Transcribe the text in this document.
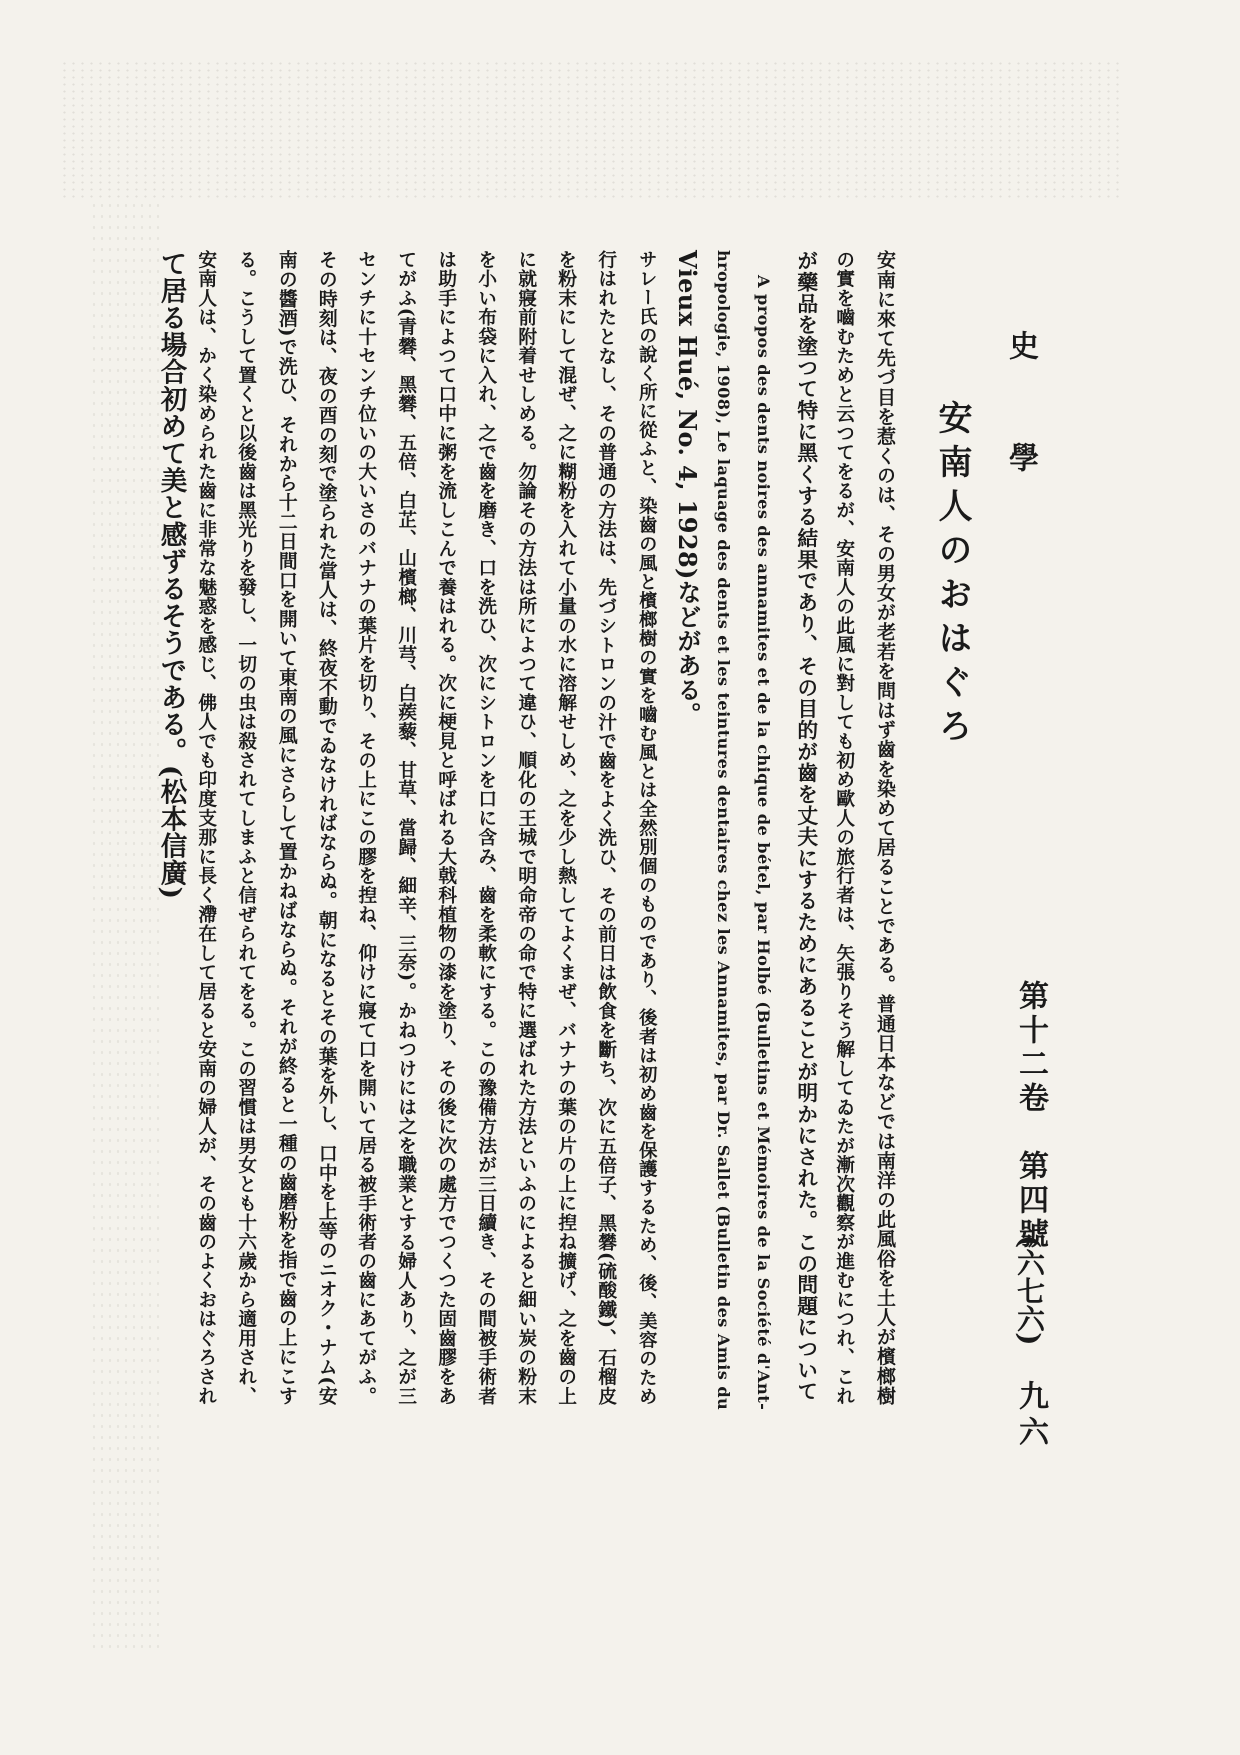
史　學
第十二卷　第四號
(六七六)
九六
安南人のおはぐろ
安南に來て先づ目を惹くのは、その男女が老若を問はず齒を染めて居ることである。普通日本などでは南洋の此風俗を土人が檳榔樹
の實を嚙むためと云つてをるが、安南人の此風に對しても初め歐人の旅行者は、矢張りそう解してゐたが漸次觀察が進むにつれ、これ
が藥品を塗つて特に黑くする結果であり、その目的が齒を丈夫にするためにあることが明かにされた。この問題について
A propos des dents noires des annamites et de la chique de bétel, par Holbé (Bulletins et Mémoires de la Société d'Ant-
hropologie, 1908), Le laquage des dents et les teintures dentaires chez les Annamites, par Dr. Sallet (Bulletin des Amis du
Vieux Hué, No. 4, 1928)などがある。
サレー氏の說く所に從ふと、染齒の風と檳榔樹の實を嚙む風とは全然別個のものであり、後者は初め齒を保護するため、後、美容のため
行はれたとなし、その普通の方法は、先づシトロンの汁で齒をよく洗ひ、その前日は飲食を斷ち、次に五倍子、黑礬(硫酸鐵)、石榴皮
を粉末にして混ぜ、之に糊粉を入れて小量の水に溶解せしめ、之を少し熱してよくまぜ、バナナの葉の片の上に揑ね擴げ、之を齒の上
に就寢前附着せしめる。勿論その方法は所によつて違ひ、順化の王城で明命帝の命で特に選ばれた方法といふのによると細い炭の粉末
を小い布袋に入れ、之で齒を磨き、口を洗ひ、次にシトロンを口に含み、齒を柔軟にする。この豫備方法が三日續き、その間被手術者
は助手によつて口中に粥を流しこんで養はれる。次に梗見と呼ばれる大戟科植物の漆を塗り、その後に次の處方でつくつた固齒膠をあ
てがふ(青礬、黑礬、五倍、白芷、山檳榔、川芎、白蒺藜、甘草、當歸、細辛、三奈)。かねつけには之を職業とする婦人あり、之が三
センチに十センチ位いの大いさのバナナの葉片を切り、その上にこの膠を揑ね、仰けに寢て口を開いて居る被手術者の齒にあてがふ。
その時刻は、夜の酉の刻で塗られた當人は、終夜不動でゐなければならぬ。朝になるとその葉を外し、口中を上等のニオク・ナム(安
南の醬酒)で洗ひ、それから十二日間口を開いて東南の風にさらして置かねばならぬ。それが終ると一種の齒磨粉を指で齒の上にこす
る。こうして置くと以後齒は黑光りを發し、一切の虫は殺されてしまふと信ぜられてをる。この習慣は男女とも十六歲から適用され、
安南人は、かく染められた齒に非常な魅惑を感じ、佛人でも印度支那に長く滯在して居ると安南の婦人が、その齒のよくおはぐろされ
て居る場合初めて美と感ずるそうである。(松本信廣)
